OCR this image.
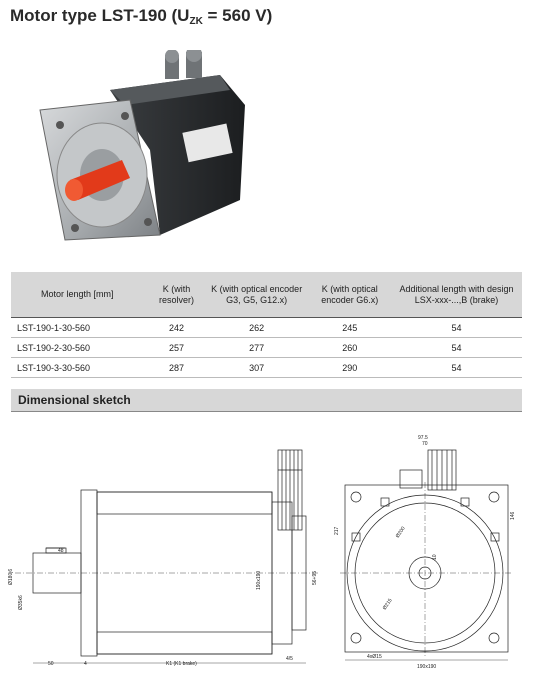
Motor type LST-190 ($U_{ZK} = 560$ V)
Motor length [mm]	K (with resolver)	K (with optical encoder G3, G5, G12.x)	K (with optical encoder G6.x)	Additional length with design LSX-xxx-...,B (brake)
LST-190-1-30-560	242	262	245	54
LST-190-2-30-560	257	277	260	54
LST-190-3-30-560	287	307	290	54
Dimensional sketch
50
48
4	K1 (K1 brake)
4/5
Ø35k6
190x190
Ø180j6	56+95
97.5
70
217
146
Ø200
Ø215
10
4xØ15
190x190
